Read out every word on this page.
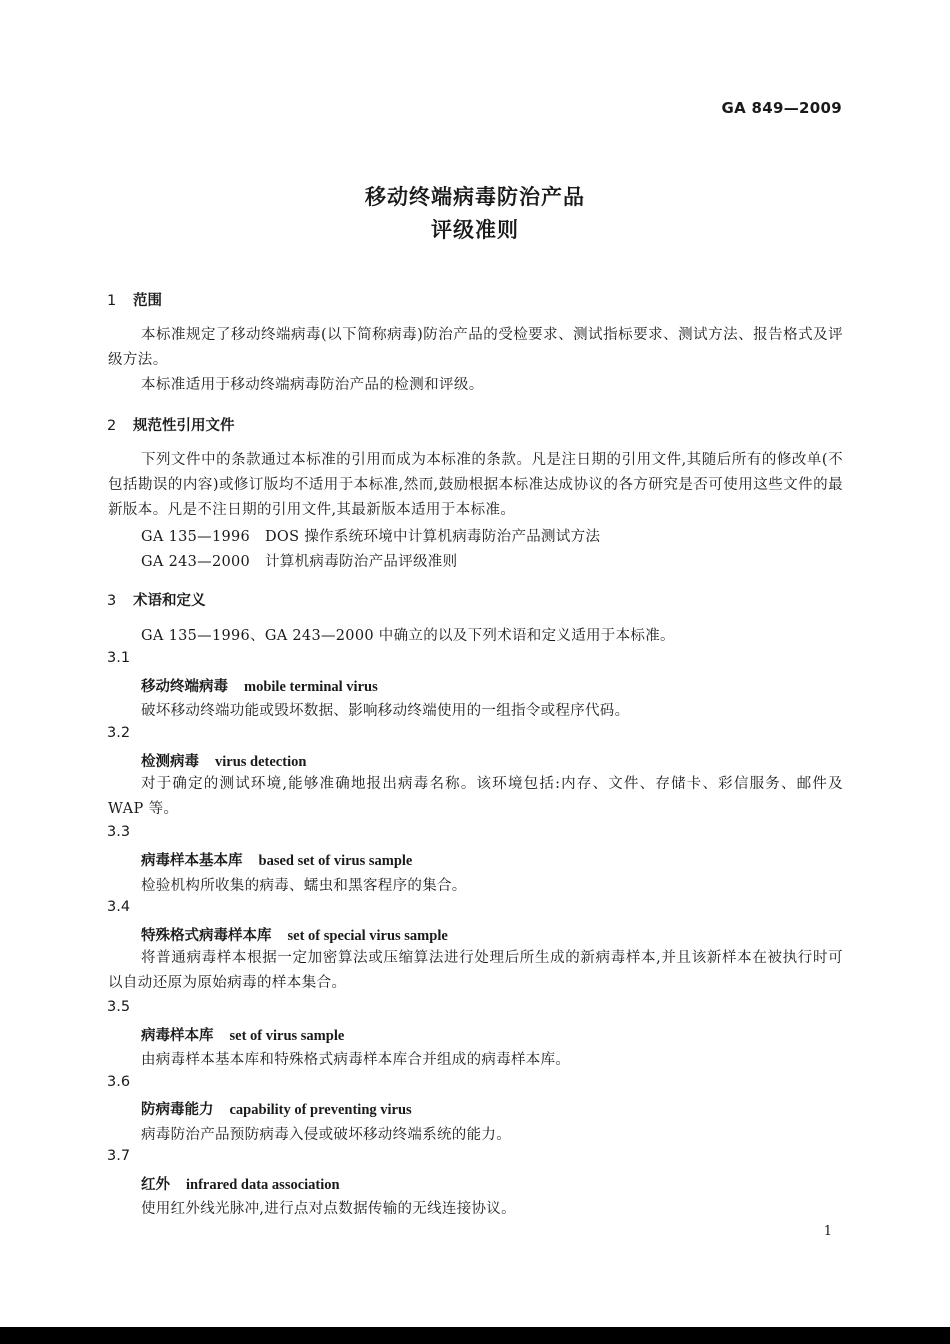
GA 849—2009
移动终端病毒防治产品
评级准则
1 范围
本标准规定了移动终端病毒(以下简称病毒)防治产品的受检要求、测试指标要求、测试方法、报告格式及评级方法。
本标准适用于移动终端病毒防治产品的检测和评级。
2 规范性引用文件
下列文件中的条款通过本标准的引用而成为本标准的条款。凡是注日期的引用文件,其随后所有的修改单(不包括勘误的内容)或修订版均不适用于本标准,然而,鼓励根据本标准达成协议的各方研究是否可使用这些文件的最新版本。凡是不注日期的引用文件,其最新版本适用于本标准。
GA 135—1996 DOS 操作系统环境中计算机病毒防治产品测试方法
GA 243—2000 计算机病毒防治产品评级准则
3 术语和定义
GA 135—1996、GA 243—2000 中确立的以及下列术语和定义适用于本标准。
3.1
移动终端病毒 mobile terminal virus
破坏移动终端功能或毁坏数据、影响移动终端使用的一组指令或程序代码。
3.2
检测病毒 virus detection
对于确定的测试环境,能够准确地报出病毒名称。该环境包括:内存、文件、存储卡、彩信服务、邮件及 WAP 等。
3.3
病毒样本基本库 based set of virus sample
检验机构所收集的病毒、蠕虫和黑客程序的集合。
3.4
特殊格式病毒样本库 set of special virus sample
将普通病毒样本根据一定加密算法或压缩算法进行处理后所生成的新病毒样本,并且该新样本在被执行时可以自动还原为原始病毒的样本集合。
3.5
病毒样本库 set of virus sample
由病毒样本基本库和特殊格式病毒样本库合并组成的病毒样本库。
3.6
防病毒能力 capability of preventing virus
病毒防治产品预防病毒入侵或破坏移动终端系统的能力。
3.7
红外 infrared data association
使用红外线光脉冲,进行点对点数据传输的无线连接协议。
1
